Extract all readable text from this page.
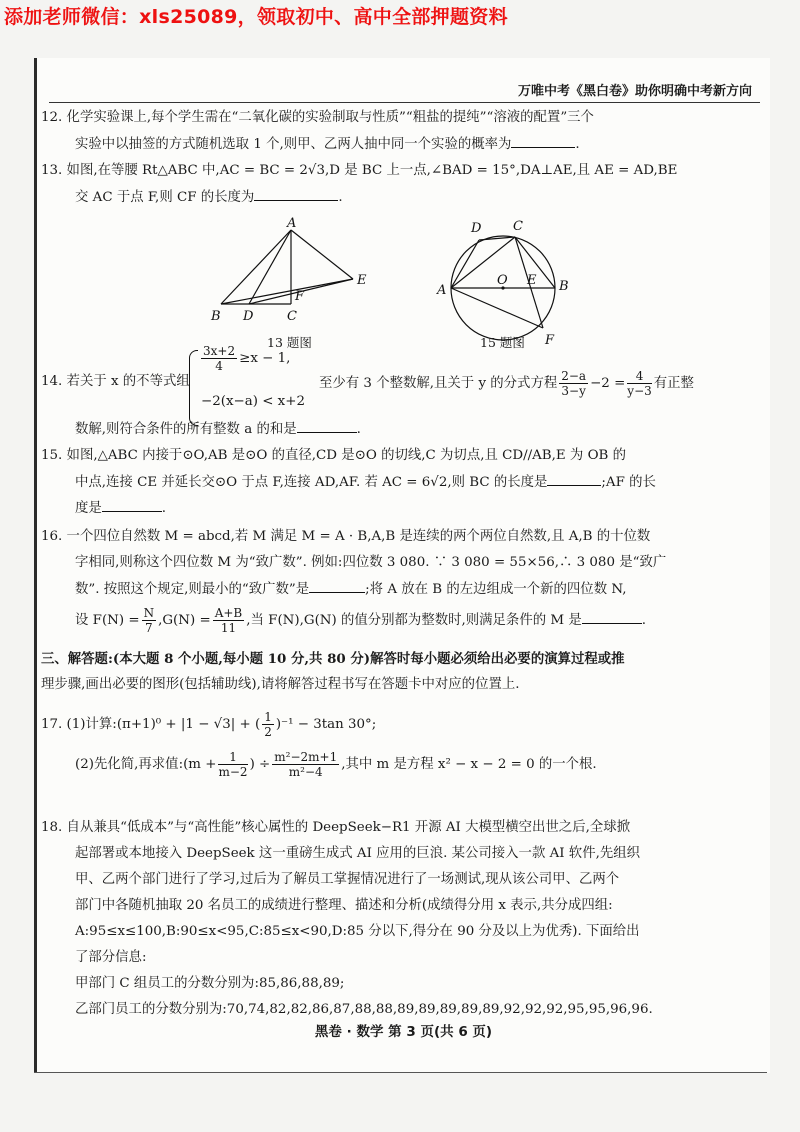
添加老师微信：xls25089，领取初中、高中全部押题资料
万唯中考《黑白卷》助你明确中考新方向
12. 化学实验课上,每个学生需在“二氧化碳的实验制取与性质”“粗盐的提纯”“溶液的配置”三个
实验中以抽签的方式随机选取 1 个,则甲、乙两人抽中同一个实验的概率为	.
13. 如图,在等腰 Rt△ABC 中,AC = BC = 2√3,D 是 BC 上一点,∠BAD = 15°,DA⊥AE,且 AE = AD,BE
交 AC 于点 F,则 CF 的长度为	.
A
B D	C
F
E
13 题图
D C
A
O E B
F
15 题图
14. 若关于 x 的不等式组
$\frac{3x+2}{4} \ge x - 1$,
−2(x−a) < x+2
至少有 3 个整数解,且关于 y 的分式方程 $\frac{2-a}{3-y} -2 = \frac{4}{y-3}$ 有正整
数解,则符合条件的所有整数 a 的和是	.
15. 如图,△ABC 内接于⊙O,AB 是⊙O 的直径,CD 是⊙O 的切线,C 为切点,且 CD//AB,E 为 OB 的
中点,连接 CE 并延长交⊙O 于点 F,连接 AD,AF. 若 AC = 6√2,则 BC 的长度是	;AF 的长
度是	.
16. 一个四位自然数 M = abcd,若 M 满足 M = A · B,A,B 是连续的两个两位自然数,且 A,B 的十位数
字相同,则称这个四位数 M 为“致广数”. 例如:四位数 3 080. ∵ 3 080 = 55×56,∴ 3 080 是“致广
数”. 按照这个规定,则最小的“致广数”是	;将 A 放在 B 的左边组成一个新的四位数 N,
设 $F(N) = \frac{N}{7} ,G(N) = \frac{A+B}{11}$ ,当 F(N),G(N) 的值分别都为整数时,则满足条件的 M 是	.
三、解答题:(本大题 8 个小题,每小题 10 分,共 80 分)解答时每小题必须给出必要的演算过程或推
理步骤,画出必要的图形(包括辅助线),请将解答过程书写在答题卡中对应的位置上.
17. (1)计算:(π+1)⁰ + |1 − √3| + ( $\frac{1}{2} )^{-1} - 3\tan$ 30°;
(2)先化简,再求值:(m + $\frac{1}{m-2}$ ) ÷ $\frac{\text{m²−2m+1}}{\text{m²−4}}$ ,其中 m 是方程 x² − x − 2 = 0 的一个根.
18. 自从兼具“低成本”与“高性能”核心属性的 DeepSeek−R1 开源 AI 大模型横空出世之后,全球掀
起部署或本地接入 DeepSeek 这一重磅生成式 AI 应用的巨浪. 某公司接入一款 AI 软件,先组织
甲、乙两个部门进行了学习,过后为了解员工掌握情况进行了一场测试,现从该公司甲、乙两个
部门中各随机抽取 20 名员工的成绩进行整理、描述和分析(成绩得分用 x 表示,共分成四组:
A:95≤x≤100,B:90≤x<95,C:85≤x<90,D:85 分以下,得分在 90 分及以上为优秀). 下面给出
了部分信息:
甲部门 C 组员工的分数分别为:85,86,88,89;
乙部门员工的分数分别为:70,74,82,82,86,87,88,88,89,89,89,89,89,92,92,92,95,95,96,96.
黑卷 · 数学 第 3 页(共 6 页)
